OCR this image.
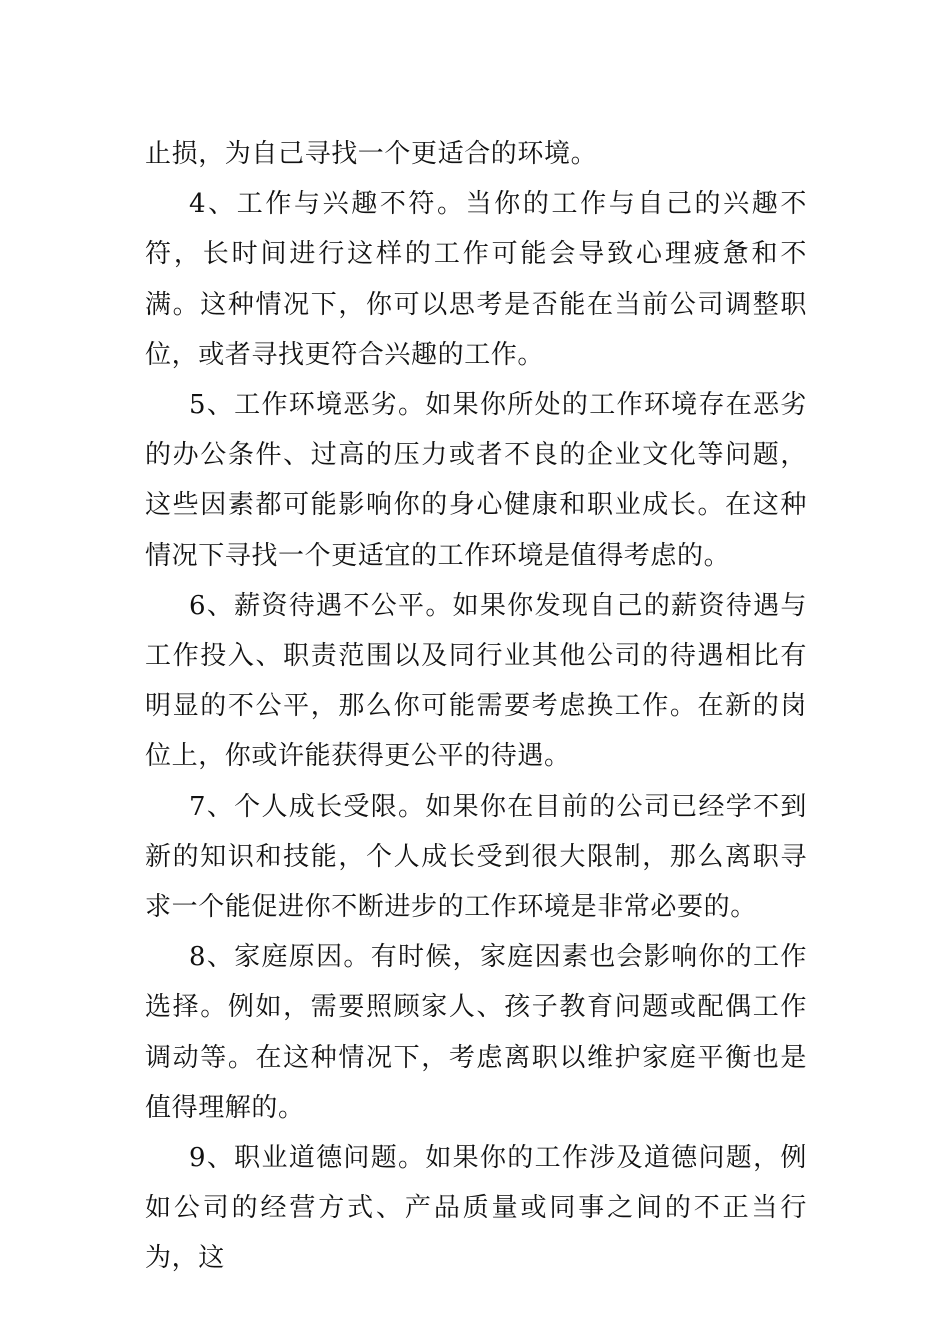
止损，为自己寻找一个更适合的环境。

4、工作与兴趣不符。当你的工作与自己的兴趣不符，长时间进行这样的工作可能会导致心理疲惫和不满。这种情况下，你可以思考是否能在当前公司调整职位，或者寻找更符合兴趣的工作。

5、工作环境恶劣。如果你所处的工作环境存在恶劣的办公条件、过高的压力或者不良的企业文化等问题，这些因素都可能影响你的身心健康和职业成长。在这种情况下寻找一个更适宜的工作环境是值得考虑的。

6、薪资待遇不公平。如果你发现自己的薪资待遇与工作投入、职责范围以及同行业其他公司的待遇相比有明显的不公平，那么你可能需要考虑换工作。在新的岗位上，你或许能获得更公平的待遇。

7、个人成长受限。如果你在目前的公司已经学不到新的知识和技能，个人成长受到很大限制，那么离职寻求一个能促进你不断进步的工作环境是非常必要的。

8、家庭原因。有时候，家庭因素也会影响你的工作选择。例如，需要照顾家人、孩子教育问题或配偶工作调动等。在这种情况下，考虑离职以维护家庭平衡也是值得理解的。

9、职业道德问题。如果你的工作涉及道德问题，例如公司的经营方式、产品质量或同事之间的不正当行为，这
